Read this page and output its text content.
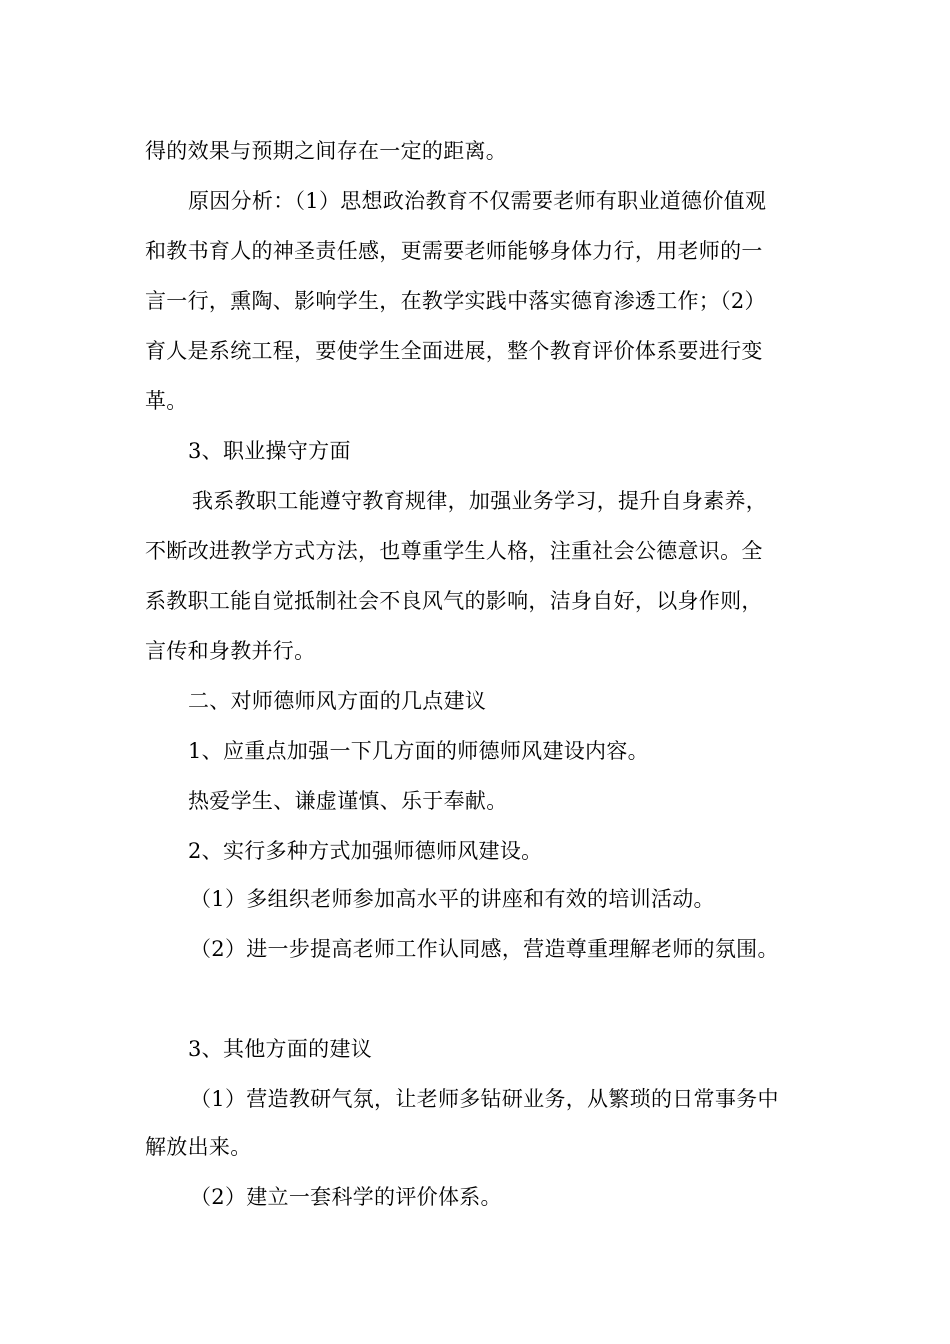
得的效果与预期之间存在一定的距离。
原因分析：（1）思想政治教育不仅需要老师有职业道德价值观
和教书育人的神圣责任感，更需要老师能够身体力行，用老师的一
言一行，熏陶、影响学生，在教学实践中落实德育渗透工作；（2）
育人是系统工程，要使学生全面进展，整个教育评价体系要进行变
革。
3、职业操守方面
我系教职工能遵守教育规律，加强业务学习，提升自身素养，
不断改进教学方式方法，也尊重学生人格，注重社会公德意识。全
系教职工能自觉抵制社会不良风气的影响，洁身自好，以身作则，
言传和身教并行。
二、对师德师风方面的几点建议
1、应重点加强一下几方面的师德师风建设内容。
热爱学生、谦虚谨慎、乐于奉献。
2、实行多种方式加强师德师风建设。
（1）多组织老师参加高水平的讲座和有效的培训活动。
（2）进一步提高老师工作认同感，营造尊重理解老师的氛围。
3、其他方面的建议
（1）营造教研气氛，让老师多钻研业务，从繁琐的日常事务中
解放出来。
（2）建立一套科学的评价体系。
